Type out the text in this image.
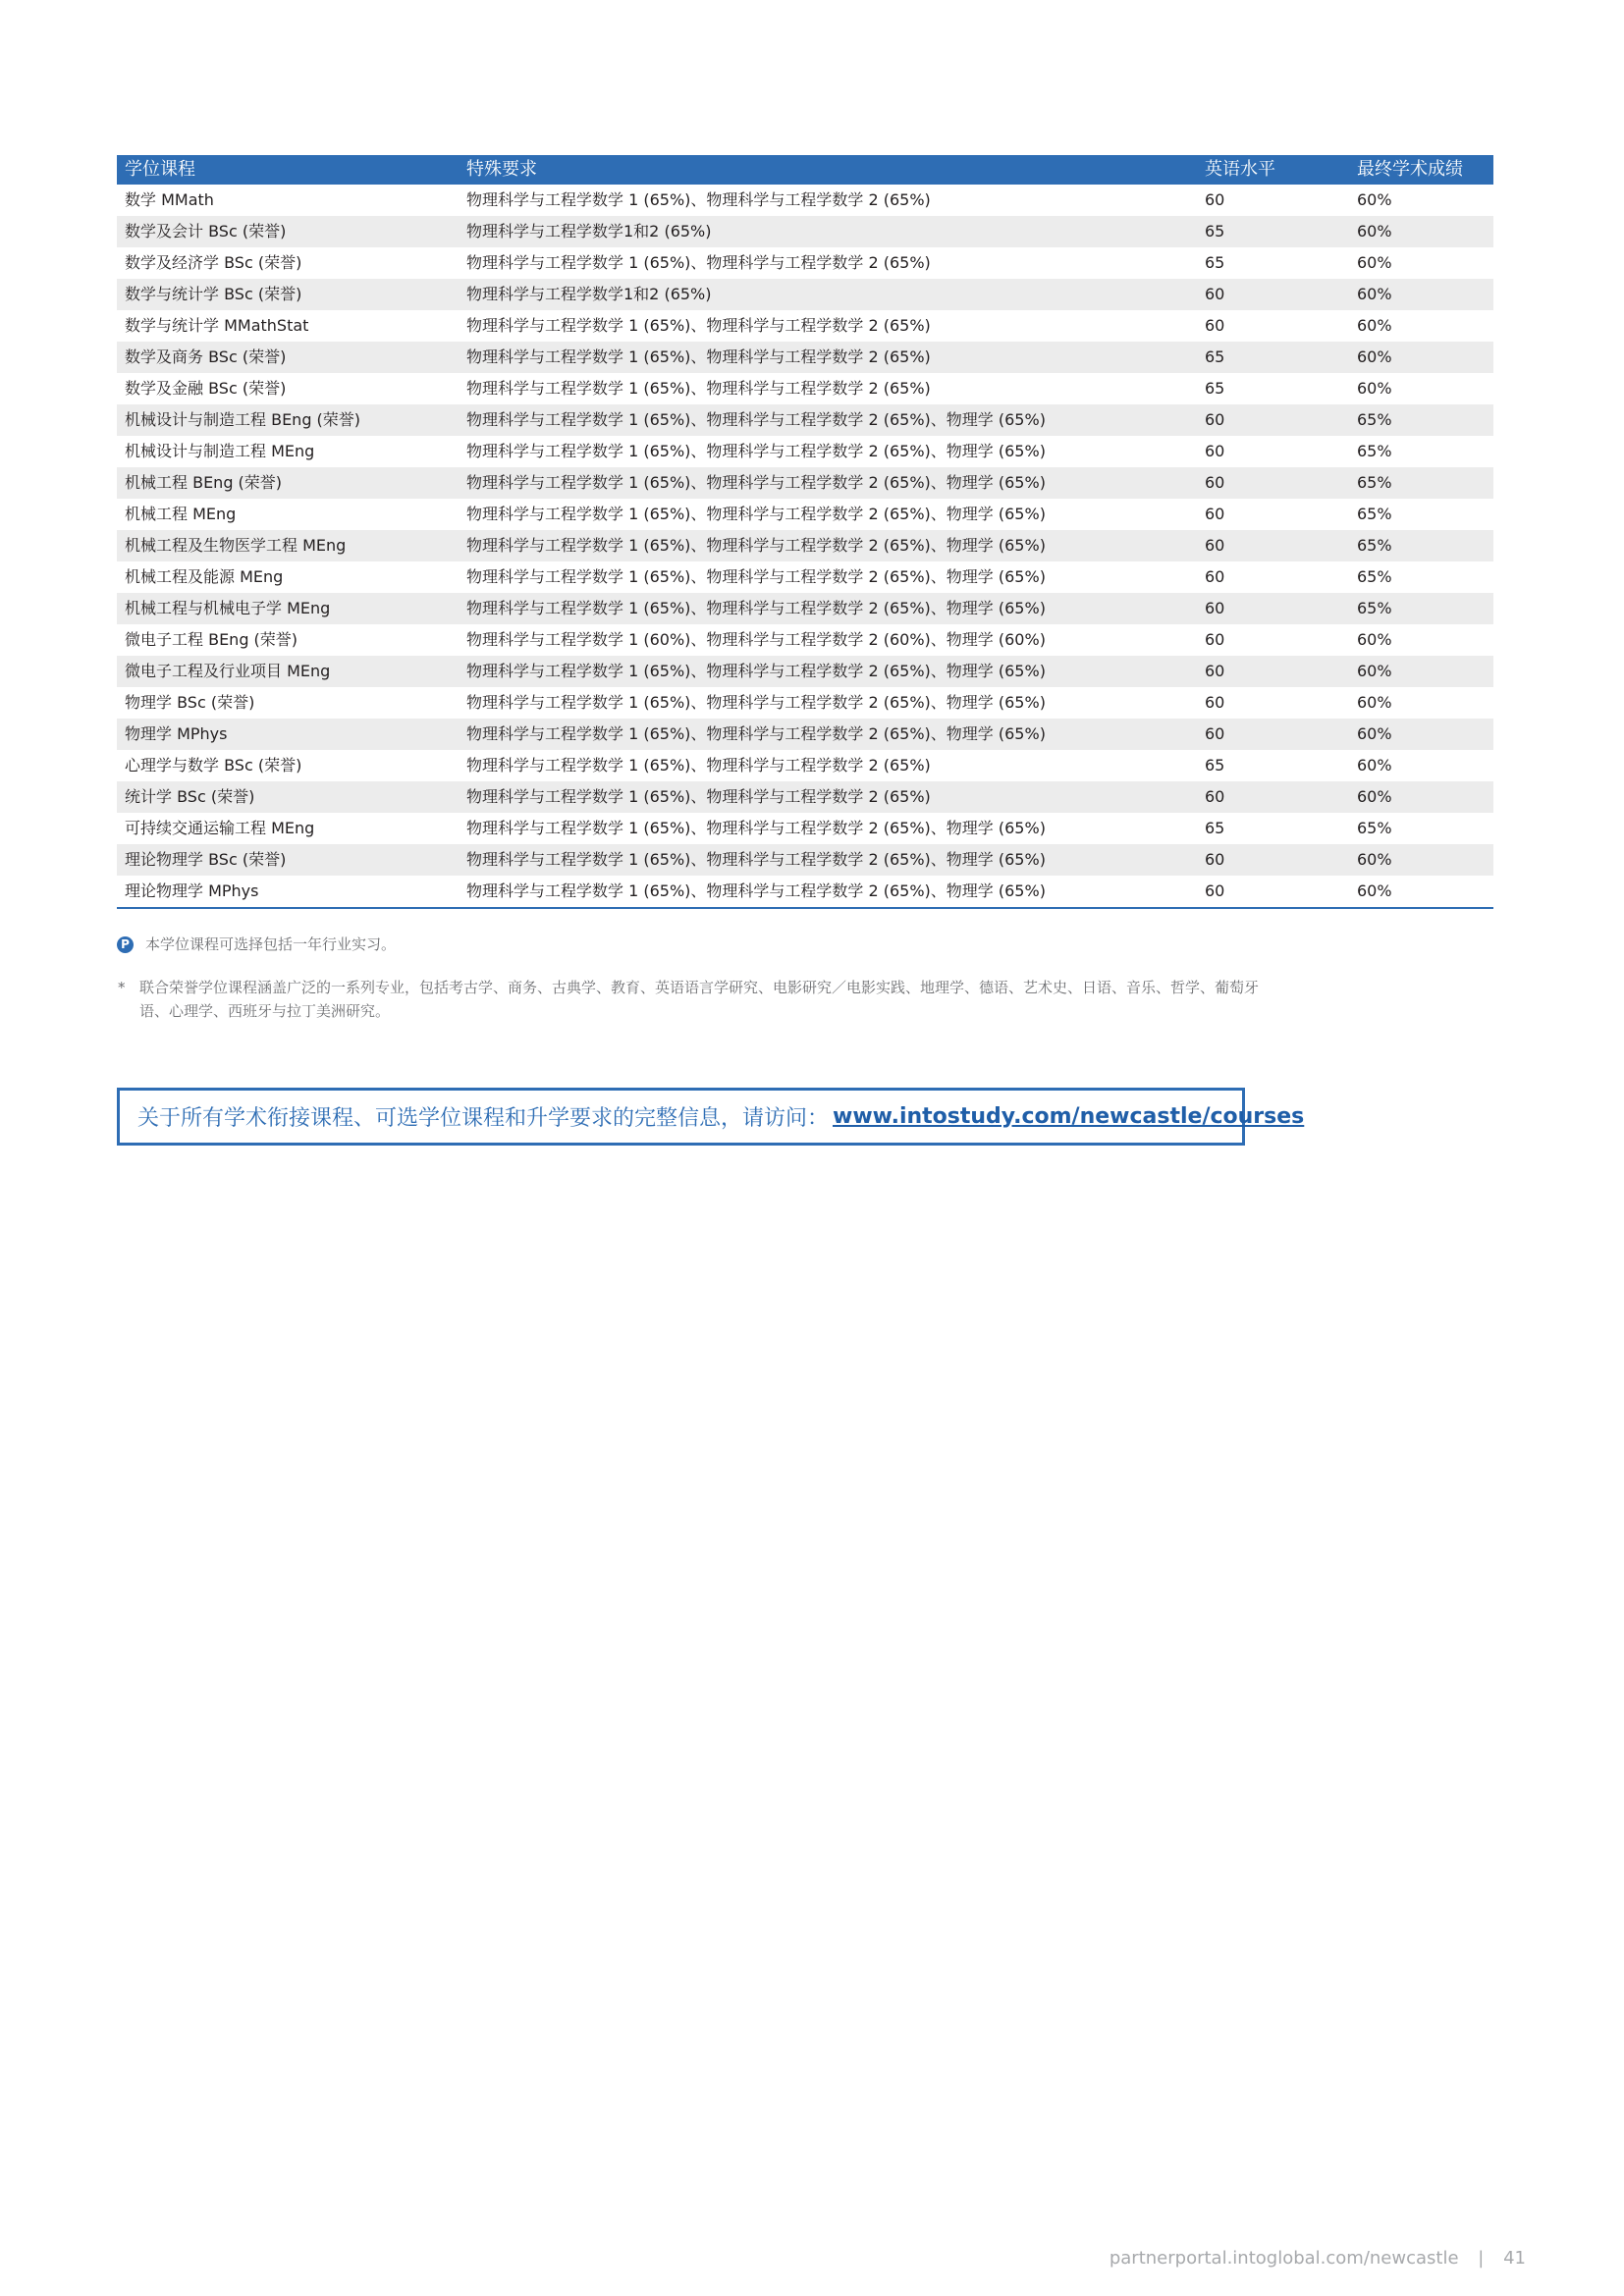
学位课程	特殊要求	英语水平	最终学术成绩
数学 MMath	物理科学与工程学数学 1 (65%)、物理科学与工程学数学 2 (65%)	60	60%
数学及会计 BSc (荣誉)	物理科学与工程学数学1和2 (65%)	65	60%
数学及经济学 BSc (荣誉)	物理科学与工程学数学 1 (65%)、物理科学与工程学数学 2 (65%)	65	60%
数学与统计学 BSc (荣誉)	物理科学与工程学数学1和2 (65%)	60	60%
数学与统计学 MMathStat	物理科学与工程学数学 1 (65%)、物理科学与工程学数学 2 (65%)	60	60%
数学及商务 BSc (荣誉)	物理科学与工程学数学 1 (65%)、物理科学与工程学数学 2 (65%)	65	60%
数学及金融 BSc (荣誉)	物理科学与工程学数学 1 (65%)、物理科学与工程学数学 2 (65%)	65	60%
机械设计与制造工程 BEng (荣誉)	物理科学与工程学数学 1 (65%)、物理科学与工程学数学 2 (65%)、物理学 (65%)	60	65%
机械设计与制造工程 MEng	物理科学与工程学数学 1 (65%)、物理科学与工程学数学 2 (65%)、物理学 (65%)	60	65%
机械工程 BEng (荣誉)	物理科学与工程学数学 1 (65%)、物理科学与工程学数学 2 (65%)、物理学 (65%)	60	65%
机械工程 MEng	物理科学与工程学数学 1 (65%)、物理科学与工程学数学 2 (65%)、物理学 (65%)	60	65%
机械工程及生物医学工程 MEng	物理科学与工程学数学 1 (65%)、物理科学与工程学数学 2 (65%)、物理学 (65%)	60	65%
机械工程及能源 MEng	物理科学与工程学数学 1 (65%)、物理科学与工程学数学 2 (65%)、物理学 (65%)	60	65%
机械工程与机械电子学 MEng	物理科学与工程学数学 1 (65%)、物理科学与工程学数学 2 (65%)、物理学 (65%)	60	65%
微电子工程 BEng (荣誉)	物理科学与工程学数学 1 (60%)、物理科学与工程学数学 2 (60%)、物理学 (60%)	60	60%
微电子工程及行业项目 MEng	物理科学与工程学数学 1 (65%)、物理科学与工程学数学 2 (65%)、物理学 (65%)	60	60%
物理学 BSc (荣誉)	物理科学与工程学数学 1 (65%)、物理科学与工程学数学 2 (65%)、物理学 (65%)	60	60%
物理学 MPhys	物理科学与工程学数学 1 (65%)、物理科学与工程学数学 2 (65%)、物理学 (65%)	60	60%
心理学与数学 BSc (荣誉)	物理科学与工程学数学 1 (65%)、物理科学与工程学数学 2 (65%)	65	60%
统计学 BSc (荣誉)	物理科学与工程学数学 1 (65%)、物理科学与工程学数学 2 (65%)	60	60%
可持续交通运输工程 MEng	物理科学与工程学数学 1 (65%)、物理科学与工程学数学 2 (65%)、物理学 (65%)	65	65%
理论物理学 BSc (荣誉)	物理科学与工程学数学 1 (65%)、物理科学与工程学数学 2 (65%)、物理学 (65%)	60	60%
理论物理学 MPhys	物理科学与工程学数学 1 (65%)、物理科学与工程学数学 2 (65%)、物理学 (65%)	60	60%
P 本学位课程可选择包括一年行业实习。
* 联合荣誉学位课程涵盖广泛的一系列专业，包括考古学、商务、古典学、教育、英语语言学研究、电影研究／电影实践、地理学、德语、艺术史、日语、音乐、哲学、葡萄牙语、心理学、西班牙与拉丁美洲研究。
关于所有学术衔接课程、可选学位课程和升学要求的完整信息，请访问： www.intostudy.com/newcastle/courses
partnerportal.intoglobal.com/newcastle | 41
